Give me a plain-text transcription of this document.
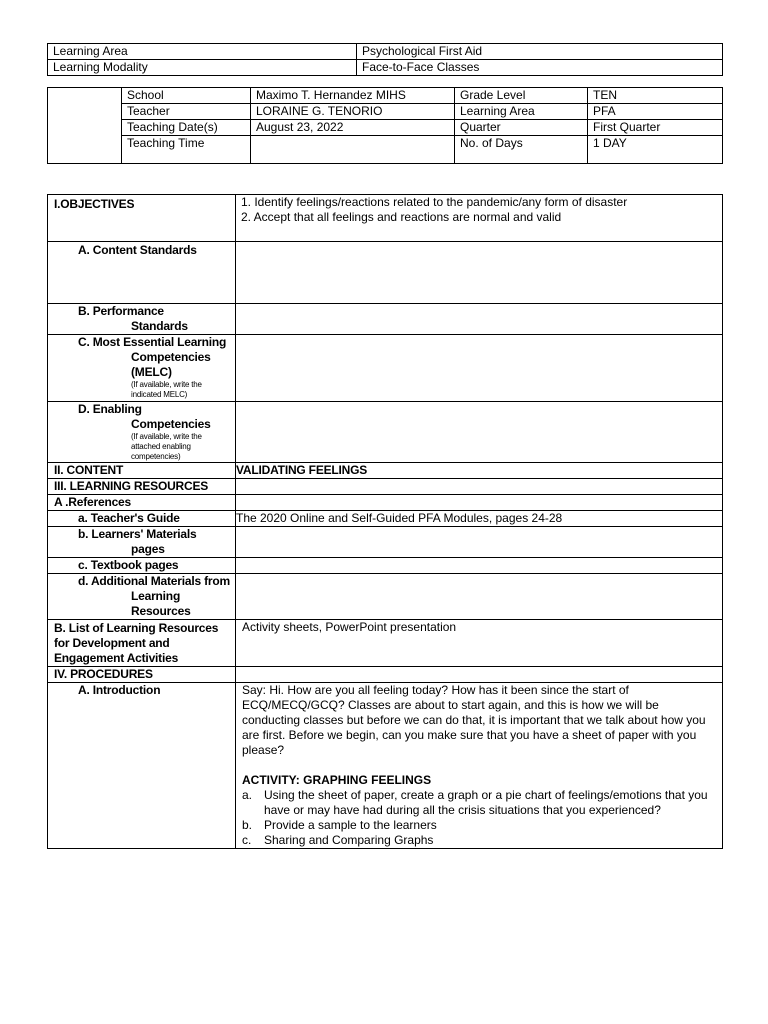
Learning Area	Psychological First Aid
Learning Modality	Face-to-Face Classes
	School	Maximo T. Hernandez MIHS	Grade Level	TEN
	Teacher	LORAINE G. TENORIO	Learning Area	PFA
	Teaching Date(s)	August 23, 2022	Quarter	First Quarter
	Teaching Time		No. of Days	1 DAY
I.OBJECTIVES	1. Identify feelings/reactions related to the pandemic/any form of disaster
2. Accept that all feelings and reactions are normal and valid

A. Content Standards	
B. Performance
Standards	

C. Most Essential Learning
Competencies (MELC)
(If available, write the indicated MELC)	

D. Enabling
Competencies
(If available, write the attached enabling competencies)	

II. CONTENT	VALIDATING FEELINGS
III. LEARNING RESOURCES	
A .References	
a. Teacher's Guide	The 2020 Online and Self-Guided PFA Modules, pages 24-28
b. Learners' Materials
pages	

c. Textbook pages	
d. Additional Materials from
Learning Resources	

B. List of Learning Resources
for Development and
Engagement Activities	Activity sheets, PowerPoint presentation
IV. PROCEDURES	
A. Introduction	Say: Hi. How are you all feeling today? How has it been since the start of ECQ/MECQ/GCQ? Classes are about to start again, and this is how we will be conducting classes but before we can do that, it is important that we talk about how you are first. Before we begin, can you make sure that you have a sheet of paper with you please?
ACTIVITY: GRAPHING FEELINGS
a. Using the sheet of paper, create a graph or a pie chart of feelings/emotions that you have or may have had during all the crisis situations that you experienced?
b. Provide a sample to the learners
c. Sharing and Comparing Graphs
